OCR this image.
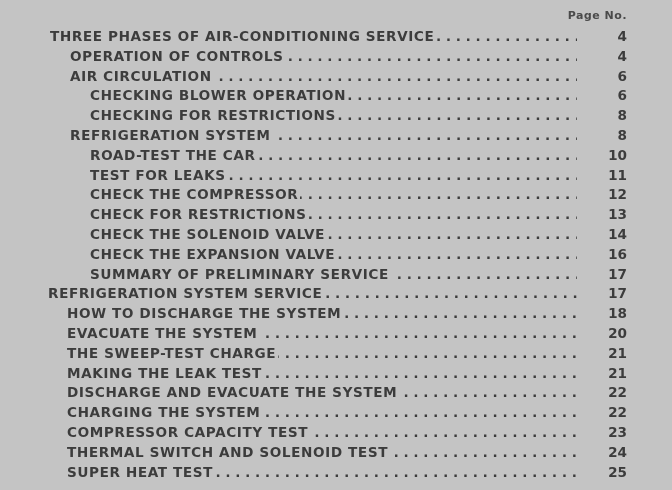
Page No.
THREE PHASES OF AIR-CONDITIONING SERVICE . . .	4
OPERATION OF CONTROLS . . .	4
AIR CIRCULATION . . .	6
CHECKING BLOWER OPERATION . . .	6
CHECKING FOR RESTRICTIONS . . .	8
REFRIGERATION SYSTEM . . .	8
ROAD-TEST THE CAR . . .	10
TEST FOR LEAKS . . .	11
CHECK THE COMPRESSOR . . .	12
CHECK FOR RESTRICTIONS . . .	13
CHECK THE SOLENOID VALVE . . .	14
CHECK THE EXPANSION VALVE . . .	16
SUMMARY OF PRELIMINARY SERVICE . . .	17
REFRIGERATION SYSTEM SERVICE . . .	17
HOW TO DISCHARGE THE SYSTEM . . .	18
EVACUATE THE SYSTEM . . .	20
THE SWEEP-TEST CHARGE . . .	21
MAKING THE LEAK TEST . . .	21
DISCHARGE AND EVACUATE THE SYSTEM . . .	22
CHARGING THE SYSTEM . . .	22
COMPRESSOR CAPACITY TEST . . .	23
THERMAL SWITCH AND SOLENOID TEST . . .	24
SUPER HEAT TEST . . .	25
